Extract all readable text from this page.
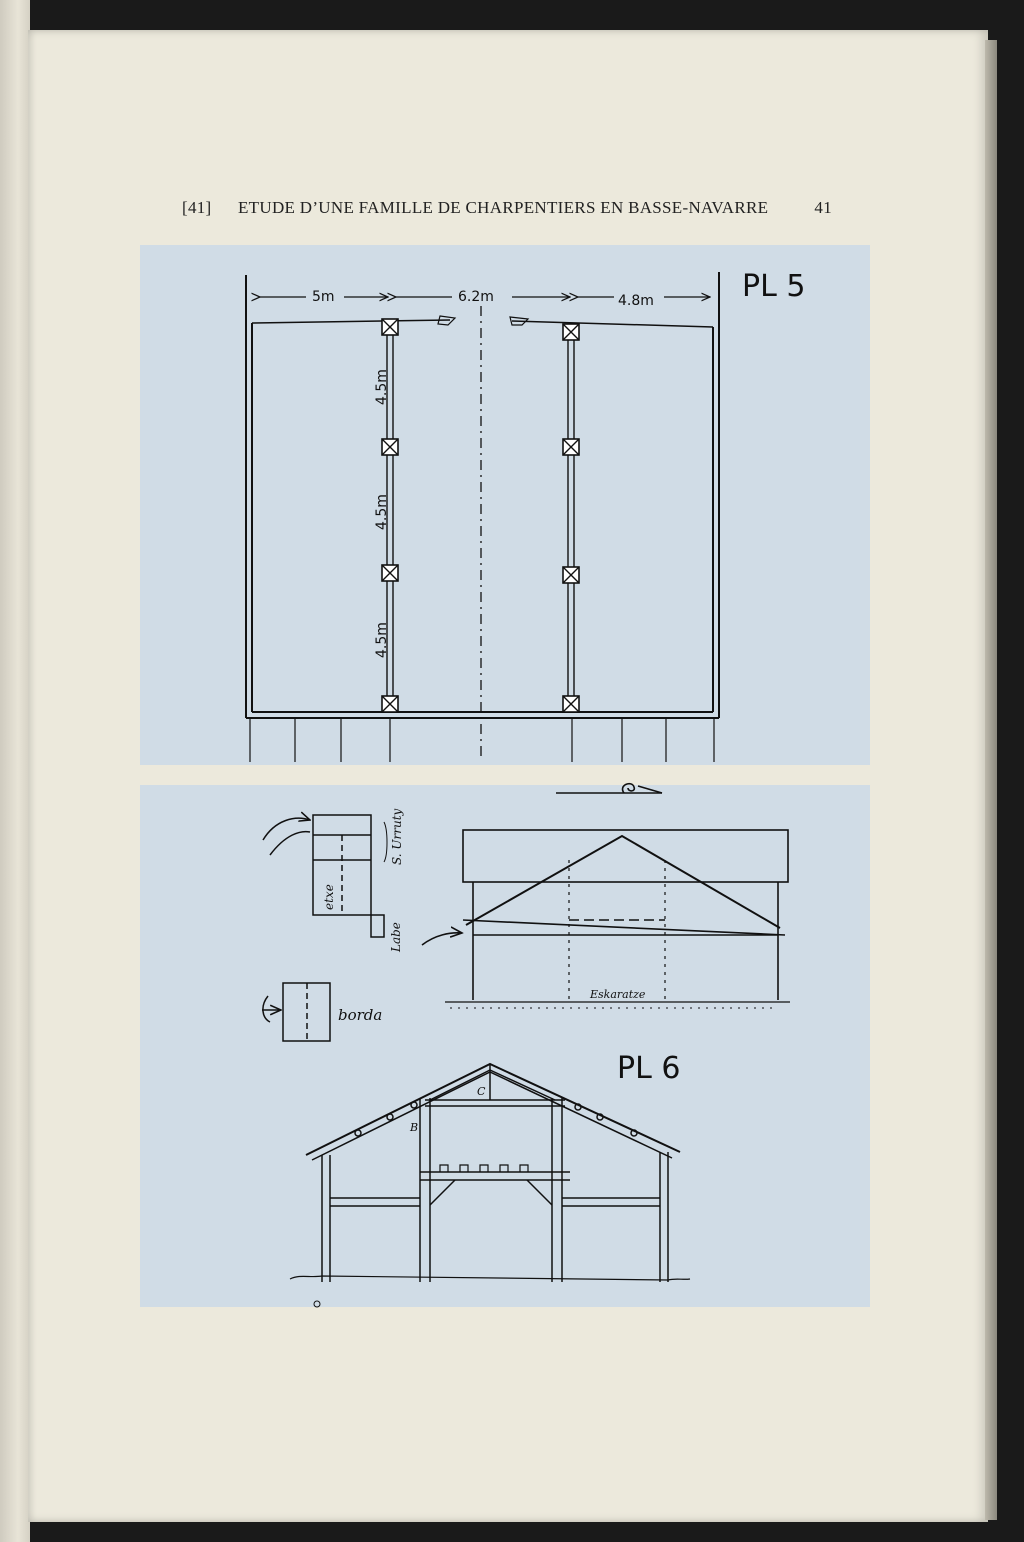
[41] ETUDE D’UNE FAMILLE DE CHARPENTIERS EN BASSE-NAVARRE	41
PL 5
5m	6.2m	4.8m
4.5m
4.5m
4.5m
etxe
S. Urruty
Labe
borda
Eskaratze
PL 6
C
B
